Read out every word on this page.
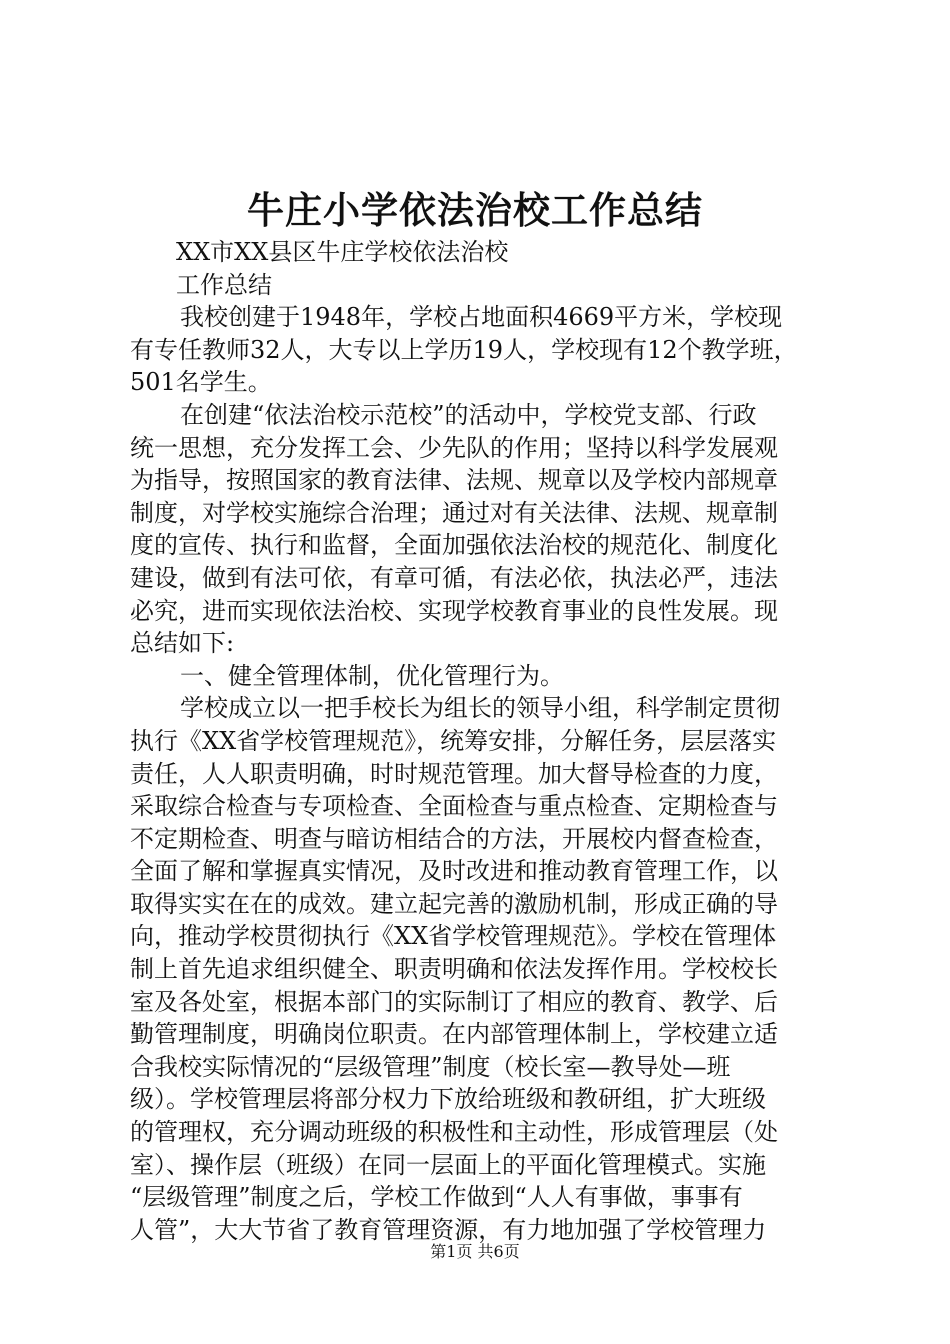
牛庄小学依法治校工作总结
XX市XX县区牛庄学校依法治校
工作总结
我校创建于1948年，学校占地面积4669平方米，学校现
有专任教师32人，大专以上学历19人，学校现有12个教学班，
501名学生。
在创建“依法治校示范校”的活动中，学校党支部、行政
统一思想，充分发挥工会、少先队的作用；坚持以科学发展观
为指导，按照国家的教育法律、法规、规章以及学校内部规章
制度，对学校实施综合治理；通过对有关法律、法规、规章制
度的宣传、执行和监督，全面加强依法治校的规范化、制度化
建设，做到有法可依，有章可循，有法必依，执法必严，违法
必究，进而实现依法治校、实现学校教育事业的良性发展。现
总结如下:
一、健全管理体制，优化管理行为。
学校成立以一把手校长为组长的领导小组，科学制定贯彻
执行《XX省学校管理规范》，统筹安排，分解任务，层层落实
责任，人人职责明确，时时规范管理。加大督导检查的力度，
采取综合检查与专项检查、全面检查与重点检查、定期检查与
不定期检查、明查与暗访相结合的方法，开展校内督查检查，
全面了解和掌握真实情况，及时改进和推动教育管理工作，以
取得实实在在的成效。建立起完善的激励机制，形成正确的导
向，推动学校贯彻执行《XX省学校管理规范》。学校在管理体
制上首先追求组织健全、职责明确和依法发挥作用。学校校长
室及各处室，根据本部门的实际制订了相应的教育、教学、后
勤管理制度，明确岗位职责。在内部管理体制上，学校建立适
合我校实际情况的“层级管理”制度（校长室—教导处—班
级）。学校管理层将部分权力下放给班级和教研组，扩大班级
的管理权，充分调动班级的积极性和主动性，形成管理层（处
室）、操作层（班级）在同一层面上的平面化管理模式。实施
“层级管理”制度之后，学校工作做到“人人有事做，事事有
人管”，大大节省了教育管理资源，有力地加强了学校管理力
第1页 共6页
